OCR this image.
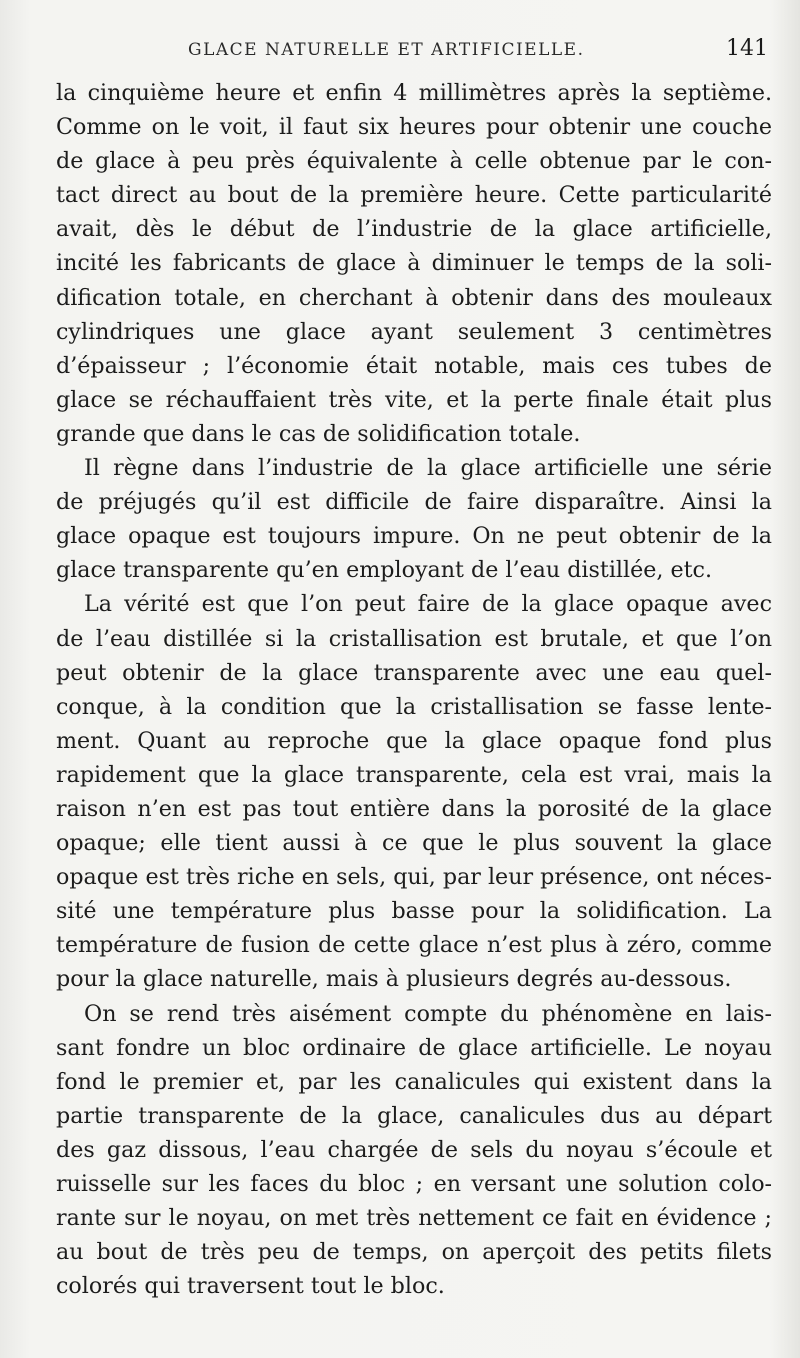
GLACE NATURELLE ET ARTIFICIELLE.	141
la cinquième heure et enfin 4 millimètres après la septième.
Comme on le voit, il faut six heures pour obtenir une couche
de glace à peu près équivalente à celle obtenue par le con-
tact direct au bout de la première heure. Cette particularité
avait, dès le début de l’industrie de la glace artificielle,
incité les fabricants de glace à diminuer le temps de la soli-
dification totale, en cherchant à obtenir dans des mouleaux
cylindriques une glace ayant seulement 3 centimètres
d’épaisseur ; l’économie était notable, mais ces tubes de
glace se réchauffaient très vite, et la perte finale était plus
grande que dans le cas de solidification totale.
Il règne dans l’industrie de la glace artificielle une série
de préjugés qu’il est difficile de faire disparaître. Ainsi la
glace opaque est toujours impure. On ne peut obtenir de la
glace transparente qu’en employant de l’eau distillée, etc.
La vérité est que l’on peut faire de la glace opaque avec
de l’eau distillée si la cristallisation est brutale, et que l’on
peut obtenir de la glace transparente avec une eau quel-
conque, à la condition que la cristallisation se fasse lente-
ment. Quant au reproche que la glace opaque fond plus
rapidement que la glace transparente, cela est vrai, mais la
raison n’en est pas tout entière dans la porosité de la glace
opaque; elle tient aussi à ce que le plus souvent la glace
opaque est très riche en sels, qui, par leur présence, ont néces-
sité une température plus basse pour la solidification. La
température de fusion de cette glace n’est plus à zéro, comme
pour la glace naturelle, mais à plusieurs degrés au-dessous.
On se rend très aisément compte du phénomène en lais-
sant fondre un bloc ordinaire de glace artificielle. Le noyau
fond le premier et, par les canalicules qui existent dans la
partie transparente de la glace, canalicules dus au départ
des gaz dissous, l’eau chargée de sels du noyau s’écoule et
ruisselle sur les faces du bloc ; en versant une solution colo-
rante sur le noyau, on met très nettement ce fait en évidence ;
au bout de très peu de temps, on aperçoit des petits filets
colorés qui traversent tout le bloc.
